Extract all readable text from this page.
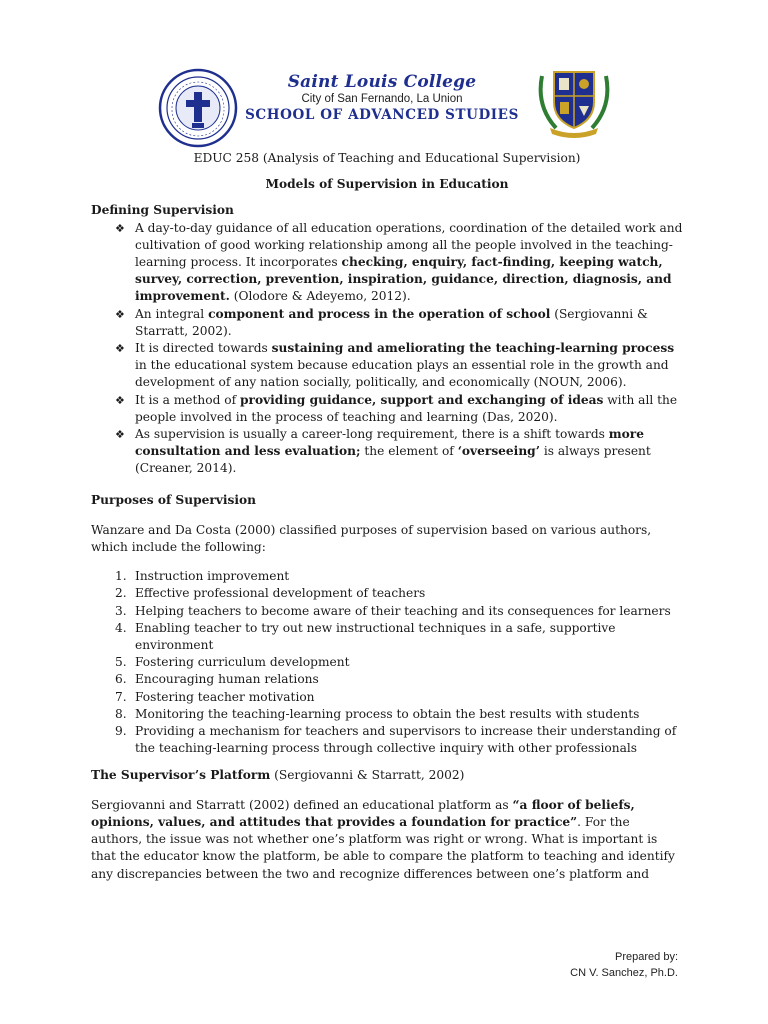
Saint Louis College
City of San Fernando, La Union
SCHOOL OF ADVANCED STUDIES
EDUC 258 (Analysis of Teaching and Educational Supervision)
Models of Supervision in Education
Defining Supervision
❖ A day-to-day guidance of all education operations, coordination of the detailed work and cultivation of good working relationship among all the people involved in the teaching-learning process. It incorporates checking, enquiry, fact-finding, keeping watch, survey, correction, prevention, inspiration, guidance, direction, diagnosis, and improvement. (Olodore & Adeyemo, 2012).
❖ An integral component and process in the operation of school (Sergiovanni & Starratt, 2002).
❖ It is directed towards sustaining and ameliorating the teaching-learning process in the educational system because education plays an essential role in the growth and development of any nation socially, politically, and economically (NOUN, 2006).
❖ It is a method of providing guidance, support and exchanging of ideas with all the people involved in the process of teaching and learning (Das, 2020).
❖ As supervision is usually a career-long requirement, there is a shift towards more consultation and less evaluation; the element of ‘overseeing’ is always present (Creaner, 2014).
Purposes of Supervision

Wanzare and Da Costa (2000) classified purposes of supervision based on various authors, which include the following:

1. Instruction improvement
2. Effective professional development of teachers
3. Helping teachers to become aware of their teaching and its consequences for learners
4. Enabling teacher to try out new instructional techniques in a safe, supportive environment
5. Fostering curriculum development
6. Encouraging human relations
7. Fostering teacher motivation
8. Monitoring the teaching-learning process to obtain the best results with students
9. Providing a mechanism for teachers and supervisors to increase their understanding of the teaching-learning process through collective inquiry with other professionals
The Supervisor’s Platform (Sergiovanni & Starratt, 2002)

Sergiovanni and Starratt (2002) defined an educational platform as “a floor of beliefs, opinions, values, and attitudes that provides a foundation for practice”. For the authors, the issue was not whether one’s platform was right or wrong. What is important is that the educator know the platform, be able to compare the platform to teaching and identify any discrepancies between the two and recognize differences between one’s platform and

Prepared by:
CN V. Sanchez, Ph.D.
